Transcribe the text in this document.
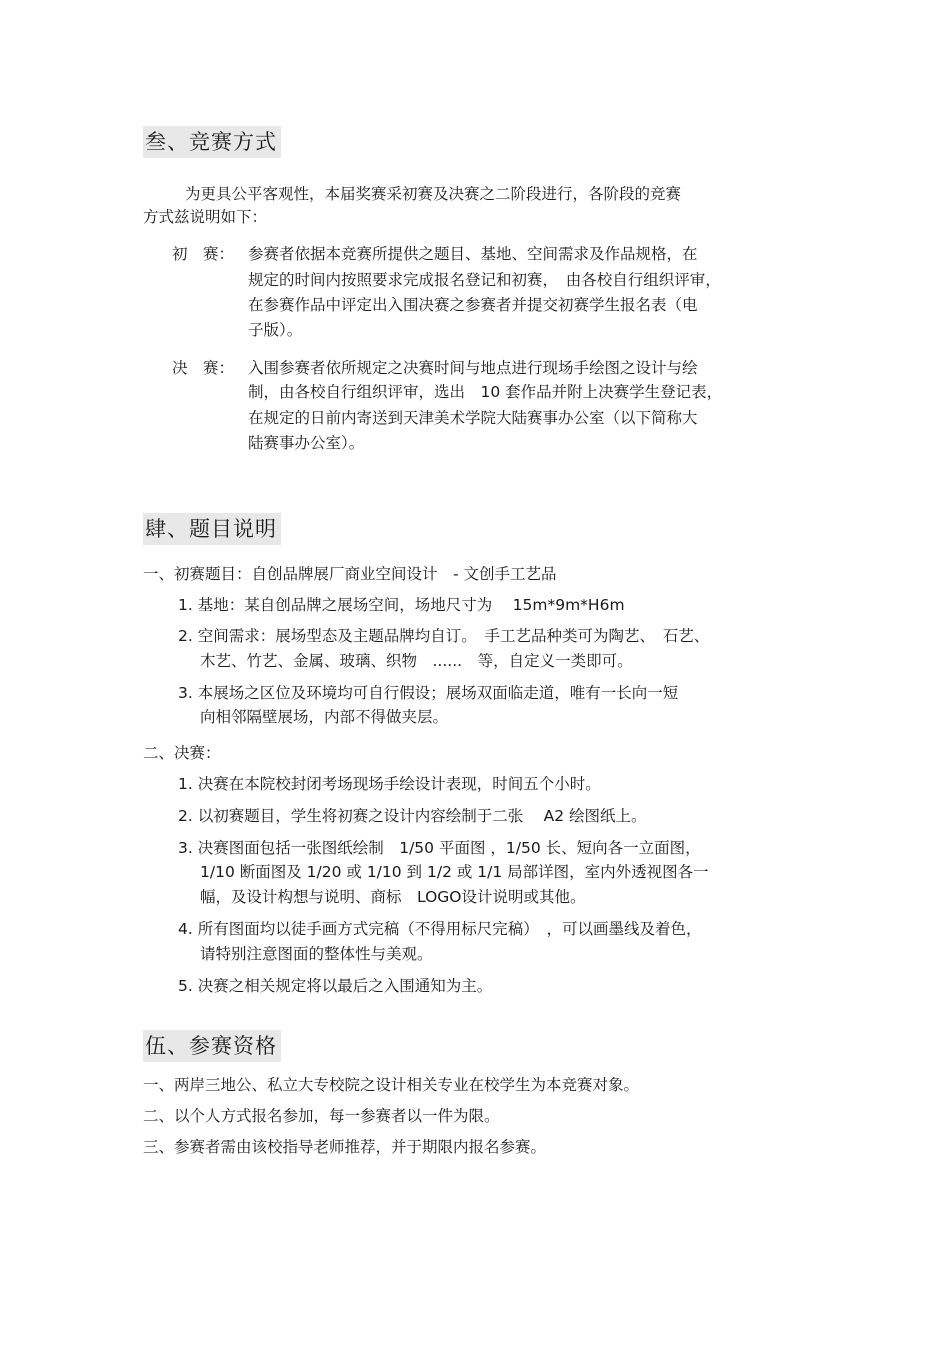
叁、竞赛方式
为更具公平客观性，本届奖赛采初赛及决赛之二阶段进行，各阶段的竞赛
方式兹说明如下：
初　赛： 参赛者依据本竞赛所提供之题目、基地、空间需求及作品规格，在
规定的时间内按照要求完成报名登记和初赛，　由各校自行组织评审，
在参赛作品中评定出入围决赛之参赛者并提交初赛学生报名表（电
子版）。
决　赛： 入围参赛者依所规定之决赛时间与地点进行现场手绘图之设计与绘
制，由各校自行组织评审，选出　10 套作品并附上决赛学生登记表，
在规定的日前内寄送到天津美术学院大陆赛事办公室（以下简称大
陆赛事办公室）。
肆、题目说明
一、初赛题目：自创品牌展厂商业空间设计　- 文创手工艺品
1. 基地：某自创品牌之展场空间，场地尺寸为　 15m*9m*H6m
2. 空间需求：展场型态及主题品牌均自订。　手工艺品种类可为陶艺、　石艺、
木艺、竹艺、金属、玻璃、织物　......　等，自定义一类即可。
3. 本展场之区位及环境均可自行假设；展场双面临走道，唯有一长向一短
向相邻隔壁展场，内部不得做夹层。
二、决赛：
1. 决赛在本院校封闭考场现场手绘设计表现，时间五个小时。
2. 以初赛题目，学生将初赛之设计内容绘制于二张　 A2 绘图纸上。
3. 决赛图面包括一张图纸绘制　1/50 平面图 ，1/50 长、短向各一立面图，
1/10 断面图及 1/20 或 1/10 到 1/2 或 1/1 局部详图，室内外透视图各一
幅，及设计构想与说明、商标　LOGO设计说明或其他。
4. 所有图面均以徒手画方式完稿（不得用标尺完稿）　，可以画墨线及着色，
请特别注意图面的整体性与美观。
5. 决赛之相关规定将以最后之入围通知为主。
伍、参赛资格
一、两岸三地公、私立大专校院之设计相关专业在校学生为本竞赛对象。
二、以个人方式报名参加，每一参赛者以一件为限。
三、参赛者需由该校指导老师推荐，并于期限内报名参赛。
